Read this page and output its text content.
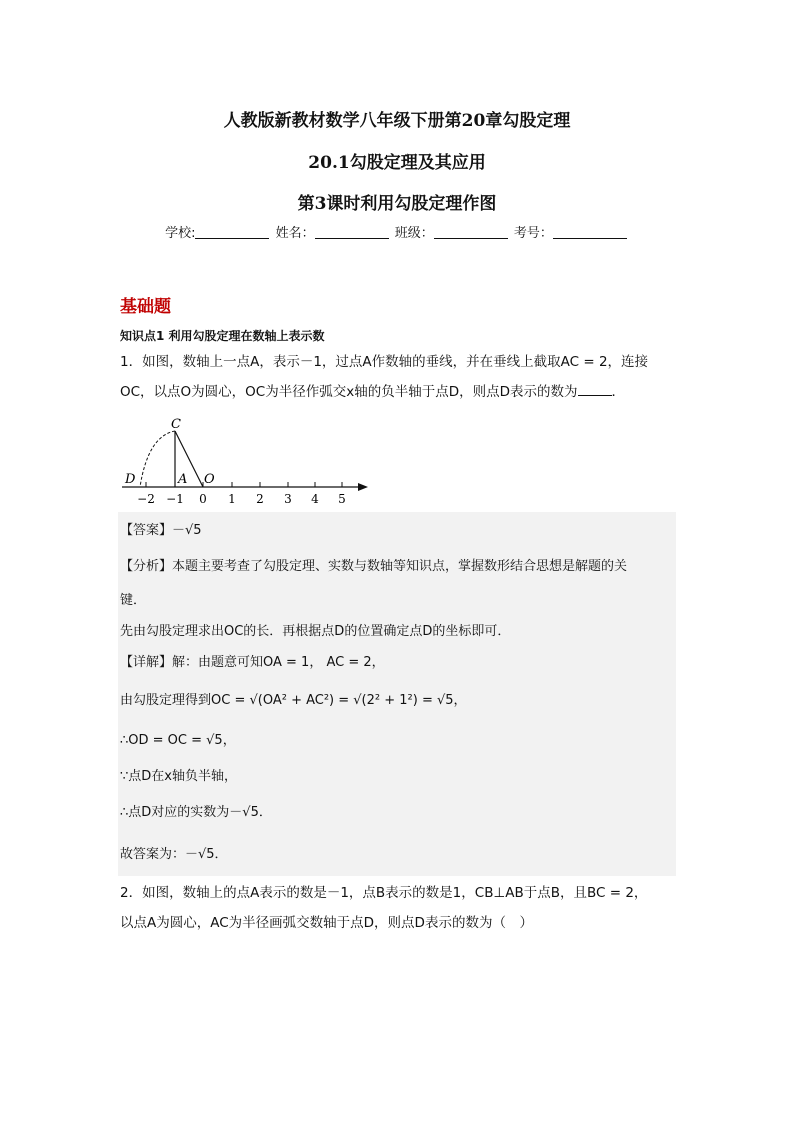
人教版新教材数学八年级下册第20章勾股定理
20.1勾股定理及其应用
第3课时利用勾股定理作图
学校:	姓名：	班级：	考号：
基础题
知识点1 利用勾股定理在数轴上表示数
1．如图，数轴上一点A，表示－1，过点A作数轴的垂线，并在垂线上截取AC = 2，连接
OC，以点O为圆心，OC为半径作弧交x轴的负半轴于点D，则点D表示的数为	．
−2 −1 0 1 2 3 4 5
C
D	A O
【答案】－√5
【分析】本题主要考查了勾股定理、实数与数轴等知识点，掌握数形结合思想是解题的关
键．
先由勾股定理求出OC的长．再根据点D的位置确定点D的坐标即可．
【详解】解：由题意可知OA = 1， AC = 2，
由勾股定理得到OC = √(OA² + AC²) = √(2² + 1²) = √5，
∴OD = OC = √5，
∵点D在x轴负半轴，
∴点D对应的实数为－√5．
故答案为：－√5．
2．如图，数轴上的点A表示的数是－1，点B表示的数是1，CB⊥AB于点B，且BC = 2，
以点A为圆心，AC为半径画弧交数轴于点D，则点D表示的数为（　）
